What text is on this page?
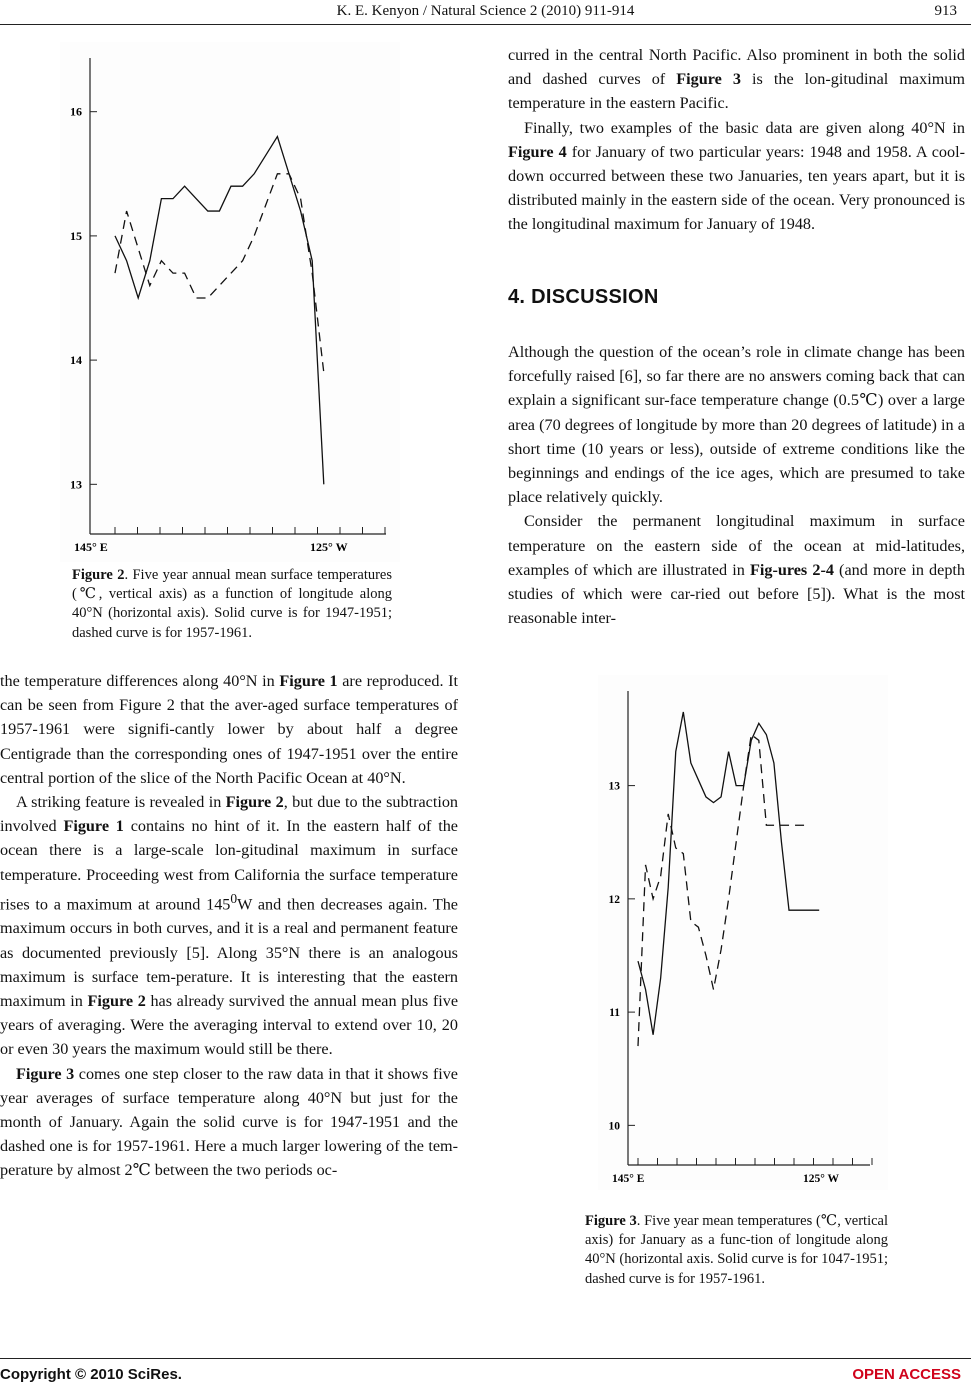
K. E. Kenyon / Natural Science 2 (2010) 911-914	913
13
14
15
16
145° E	125° W
Figure 2. Five year annual mean surface temperatures (℃, vertical axis) as a function of longitude along 40°N (horizontal axis). Solid curve is for 1947-1951; dashed curve is for 1957-1961.
10
11
12
13
145° E	125° W
Figure 3. Five year mean temperatures (℃, vertical axis) for January as a func-tion of longitude along 40°N (horizontal axis. Solid curve is for 1047-1951; dashed curve is for 1957-1961.

curred in the central North Pacific. Also prominent in both the solid and dashed curves of Figure 3 is the lon-gitudinal maximum temperature in the eastern Pacific.

Finally, two examples of the basic data are given along 40°N in Figure 4 for January of two particular years: 1948 and 1958. A cool-down occurred between these two Januaries, ten years apart, but it is distributed mainly in the eastern side of the ocean. Very pronounced is the longitudinal maximum for January of 1948.

4. DISCUSSION

Although the question of the ocean’s role in climate change has been forcefully raised [6], so far there are no answers coming back that can explain a significant sur-face temperature change (0.5℃) over a large area (70 degrees of longitude by more than 20 degrees of latitude) in a short time (10 years or less), outside of extreme conditions like the beginnings and endings of the ice ages, which are presumed to take place relatively quickly.

Consider the permanent longitudinal maximum in surface temperature on the eastern side of the ocean at mid-latitudes, examples of which are illustrated in Fig-ures 2-4 (and more in depth studies of which were car-ried out before [5]). What is the most reasonable inter-

the temperature differences along 40°N in Figure 1 are reproduced. It can be seen from Figure 2 that the aver-aged surface temperatures of 1957-1961 were signifi-cantly lower by about half a degree Centigrade than the corresponding ones of 1947-1951 over the entire central portion of the slice of the North Pacific Ocean at 40°N.

A striking feature is revealed in Figure 2, but due to the subtraction involved Figure 1 contains no hint of it. In the eastern half of the ocean there is a large-scale lon-gitudinal maximum in surface temperature. Proceeding west from California the surface temperature rises to a maximum at around $145^0W$ and then decreases again. The maximum occurs in both curves, and it is a real and permanent feature as documented previously [5]. Along 35°N there is an analogous maximum is surface tem-perature. It is interesting that the eastern maximum in Figure 2 has already survived the annual mean plus five years of averaging. Were the averaging interval to extend over 10, 20 or even 30 years the maximum would still be there.

Figure 3 comes one step closer to the raw data in that it shows five year averages of surface temperature along 40°N but just for the month of January. Again the solid curve is for 1947-1951 and the dashed one is for 1957-1961. Here a much larger lowering of the tem-perature by almost 2℃ between the two periods oc-

Copyright © 2010 SciRes.	OPEN ACCESS
